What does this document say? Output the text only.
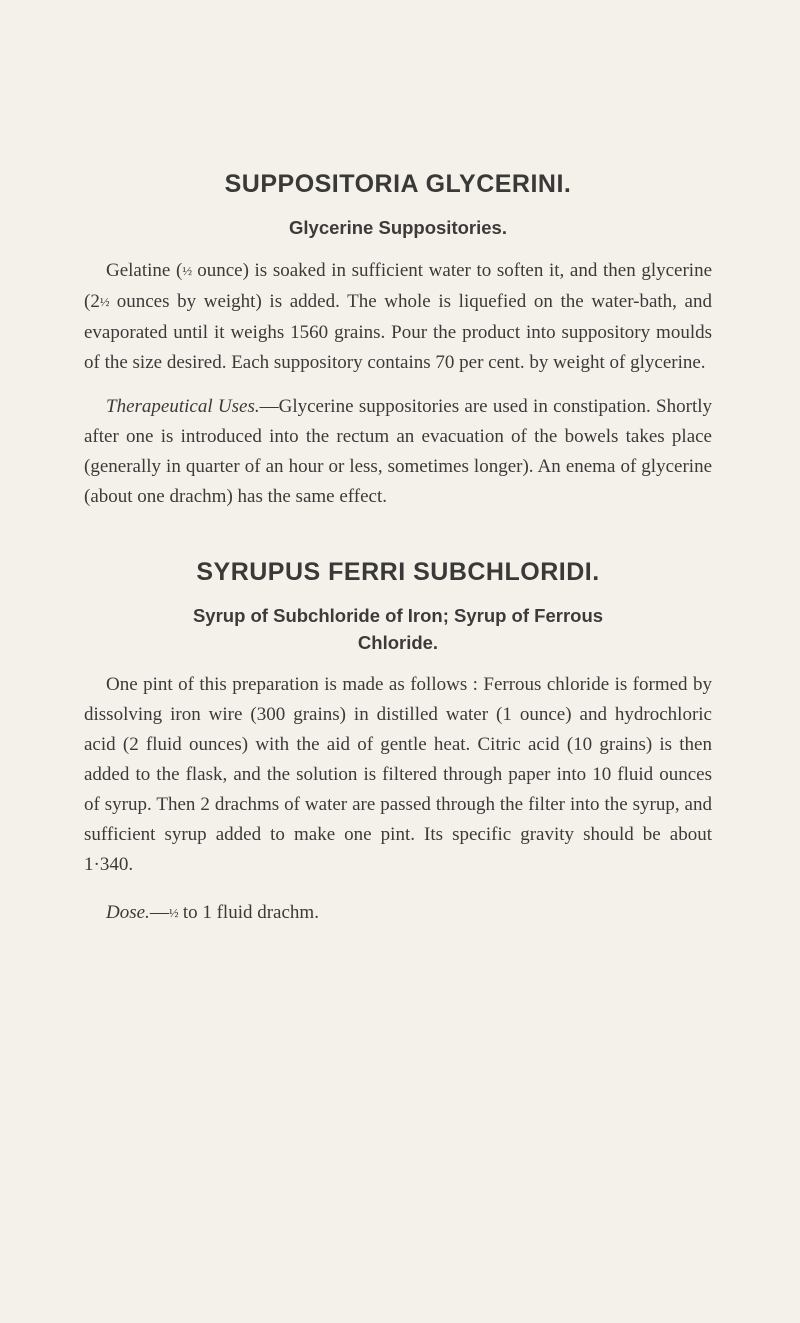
SUPPOSITORIA GLYCERINI.
Glycerine Suppositories.

Gelatine (½ ounce) is soaked in sufficient water to soften it, and then glycerine (2½ ounces by weight) is added. The whole is liquefied on the water-bath, and evaporated until it weighs 1560 grains. Pour the product into suppository moulds of the size desired. Each suppository contains 70 per cent. by weight of glycerine.

Therapeutical Uses.—Glycerine suppositories are used in constipation. Shortly after one is introduced into the rectum an evacuation of the bowels takes place (generally in quarter of an hour or less, sometimes longer). An enema of glycerine (about one drachm) has the same effect.

SYRUPUS FERRI SUBCHLORIDI.
Syrup of Subchloride of Iron; Syrup of Ferrous
Chloride.

One pint of this preparation is made as follows : Ferrous chloride is formed by dissolving iron wire (300 grains) in distilled water (1 ounce) and hydrochloric acid (2 fluid ounces) with the aid of gentle heat. Citric acid (10 grains) is then added to the flask, and the solution is filtered through paper into 10 fluid ounces of syrup. Then 2 drachms of water are passed through the filter into the syrup, and sufficient syrup added to make one pint. Its specific gravity should be about 1·340.

Dose.—½ to 1 fluid drachm.
